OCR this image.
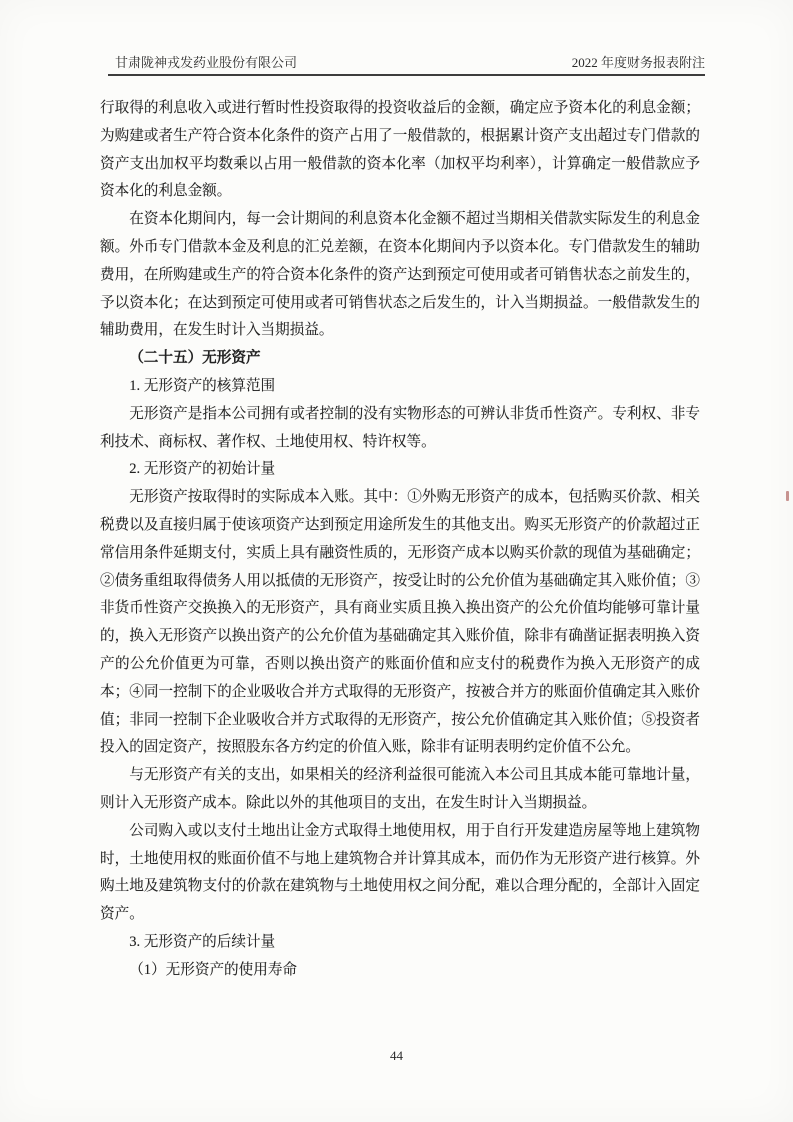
甘肃陇神戎发药业股份有限公司	2022 年度财务报表附注

行取得的利息收入或进行暂时性投资取得的投资收益后的金额，确定应予资本化的利息金额；为购建或者生产符合资本化条件的资产占用了一般借款的，根据累计资产支出超过专门借款的资产支出加权平均数乘以占用一般借款的资本化率（加权平均利率），计算确定一般借款应予资本化的利息金额。

在资本化期间内，每一会计期间的利息资本化金额不超过当期相关借款实际发生的利息金额。外币专门借款本金及利息的汇兑差额，在资本化期间内予以资本化。专门借款发生的辅助费用，在所购建或生产的符合资本化条件的资产达到预定可使用或者可销售状态之前发生的，予以资本化；在达到预定可使用或者可销售状态之后发生的，计入当期损益。一般借款发生的辅助费用，在发生时计入当期损益。

（二十五）无形资产

1. 无形资产的核算范围

无形资产是指本公司拥有或者控制的没有实物形态的可辨认非货币性资产。专利权、非专利技术、商标权、著作权、土地使用权、特许权等。

2. 无形资产的初始计量

无形资产按取得时的实际成本入账。其中：①外购无形资产的成本，包括购买价款、相关税费以及直接归属于使该项资产达到预定用途所发生的其他支出。购买无形资产的价款超过正常信用条件延期支付，实质上具有融资性质的，无形资产成本以购买价款的现值为基础确定；②债务重组取得债务人用以抵债的无形资产，按受让时的公允价值为基础确定其入账价值；③非货币性资产交换换入的无形资产，具有商业实质且换入换出资产的公允价值均能够可靠计量的，换入无形资产以换出资产的公允价值为基础确定其入账价值，除非有确凿证据表明换入资产的公允价值更为可靠，否则以换出资产的账面价值和应支付的税费作为换入无形资产的成本；④同一控制下的企业吸收合并方式取得的无形资产，按被合并方的账面价值确定其入账价值；非同一控制下企业吸收合并方式取得的无形资产，按公允价值确定其入账价值；⑤投资者投入的固定资产，按照股东各方约定的价值入账，除非有证明表明约定价值不公允。

与无形资产有关的支出，如果相关的经济利益很可能流入本公司且其成本能可靠地计量，则计入无形资产成本。除此以外的其他项目的支出，在发生时计入当期损益。

公司购入或以支付土地出让金方式取得土地使用权，用于自行开发建造房屋等地上建筑物时，土地使用权的账面价值不与地上建筑物合并计算其成本，而仍作为无形资产进行核算。外购土地及建筑物支付的价款在建筑物与土地使用权之间分配，难以合理分配的，全部计入固定资产。

3. 无形资产的后续计量

（1）无形资产的使用寿命

44
